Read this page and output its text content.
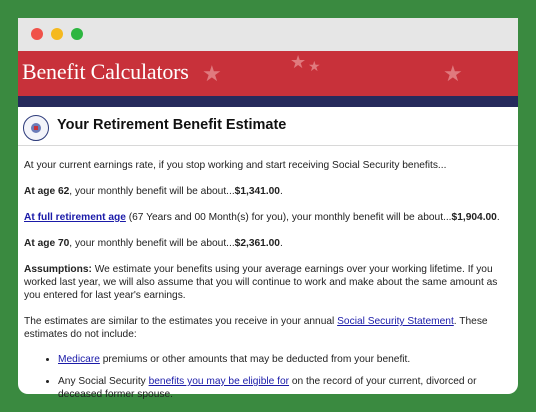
Benefit Calculators ★	★ ★	★
Your Retirement Benefit Estimate

At your current earnings rate, if you stop working and start receiving Social Security benefits...

At age 62, your monthly benefit will be about...$1,341.00.

At full retirement age (67 Years and 00 Month(s) for you), your monthly benefit will be about...$1,904.00.

At age 70, your monthly benefit will be about...$2,361.00.

Assumptions: We estimate your benefits using your average earnings over your working lifetime. If you worked last year, we will also assume that you will continue to work and make about the same amount as you entered for last year's earnings.

The estimates are similar to the estimates you receive in your annual Social Security Statement. These estimates do not include:

• Medicare premiums or other amounts that may be deducted from your benefit.
• Any Social Security benefits you may be eligible for on the record of your current, divorced or deceased former spouse.
